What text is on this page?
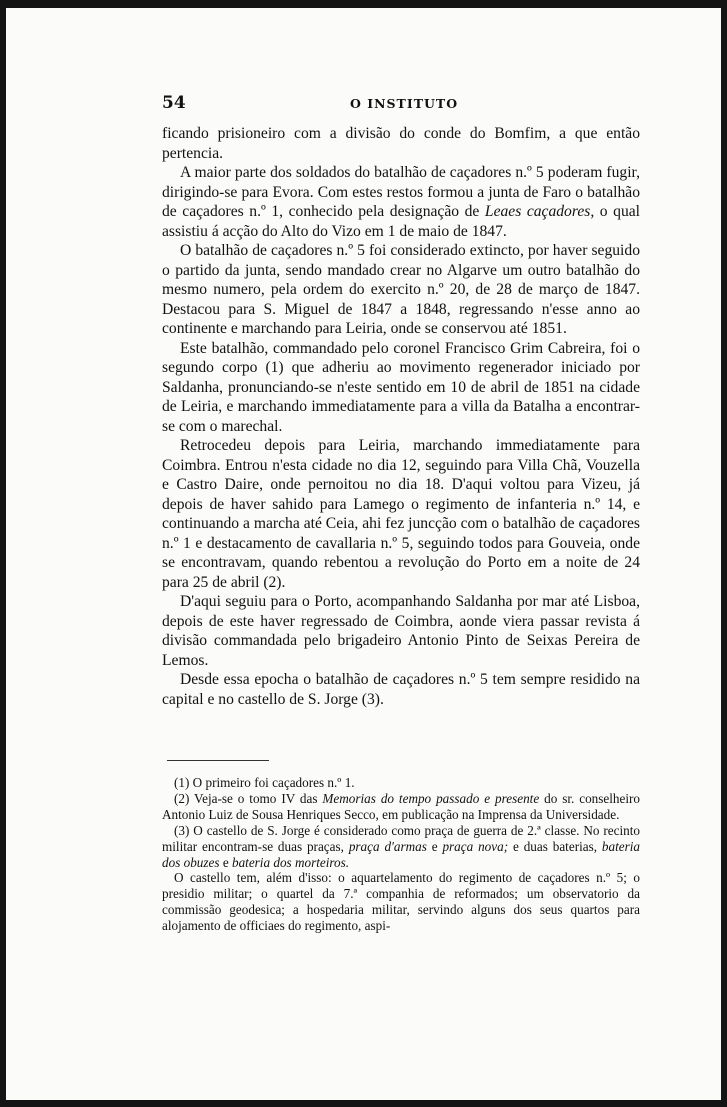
54	O INSTITUTO

ficando prisioneiro com a divisão do conde do Bomfim, a que então pertencia.

A maior parte dos soldados do batalhão de caçadores n.º 5 poderam fugir, dirigindo-se para Evora. Com estes restos formou a junta de Faro o batalhão de caçadores n.º 1, conhecido pela designação de Leaes caçadores, o qual assistiu á acção do Alto do Vizo em 1 de maio de 1847.

O batalhão de caçadores n.º 5 foi considerado extincto, por haver seguido o partido da junta, sendo mandado crear no Algarve um outro batalhão do mesmo numero, pela ordem do exercito n.º 20, de 28 de março de 1847. Destacou para S. Miguel de 1847 a 1848, regressando n'esse anno ao continente e marchando para Leiria, onde se conservou até 1851.

Este batalhão, commandado pelo coronel Francisco Grim Cabreira, foi o segundo corpo (1) que adheriu ao movimento regenerador iniciado por Saldanha, pronunciando-se n'este sentido em 10 de abril de 1851 na cidade de Leiria, e marchando immediatamente para a villa da Batalha a encontrar-se com o marechal.

Retrocedeu depois para Leiria, marchando immediatamente para Coimbra. Entrou n'esta cidade no dia 12, seguindo para Villa Chã, Vouzella e Castro Daire, onde pernoitou no dia 18. D'aqui voltou para Vizeu, já depois de haver sahido para Lamego o regimento de infanteria n.º 14, e continuando a marcha até Ceia, ahi fez juncção com o batalhão de caçadores n.º 1 e destacamento de cavallaria n.º 5, seguindo todos para Gouveia, onde se encontravam, quando rebentou a revolução do Porto em a noite de 24 para 25 de abril (2).

D'aqui seguiu para o Porto, acompanhando Saldanha por mar até Lisboa, depois de este haver regressado de Coimbra, aonde viera passar revista á divisão commandada pelo brigadeiro Antonio Pinto de Seixas Pereira de Lemos.

Desde essa epocha o batalhão de caçadores n.º 5 tem sempre residido na capital e no castello de S. Jorge (3).

(1) O primeiro foi caçadores n.º 1.

(2) Veja-se o tomo IV das Memorias do tempo passado e presente do sr. conselheiro Antonio Luiz de Sousa Henriques Secco, em publicação na Imprensa da Universidade.

(3) O castello de S. Jorge é considerado como praça de guerra de 2.ª classe. No recinto militar encontram-se duas praças, praça d'armas e praça nova; e duas baterias, bateria dos obuzes e bateria dos morteiros.

O castello tem, além d'isso: o aquartelamento do regimento de caçadores n.º 5; o presidio militar; o quartel da 7.ª companhia de reformados; um observatorio da commissão geodesica; a hospedaria militar, servindo alguns dos seus quartos para alojamento de officiaes do regimento, aspi-
